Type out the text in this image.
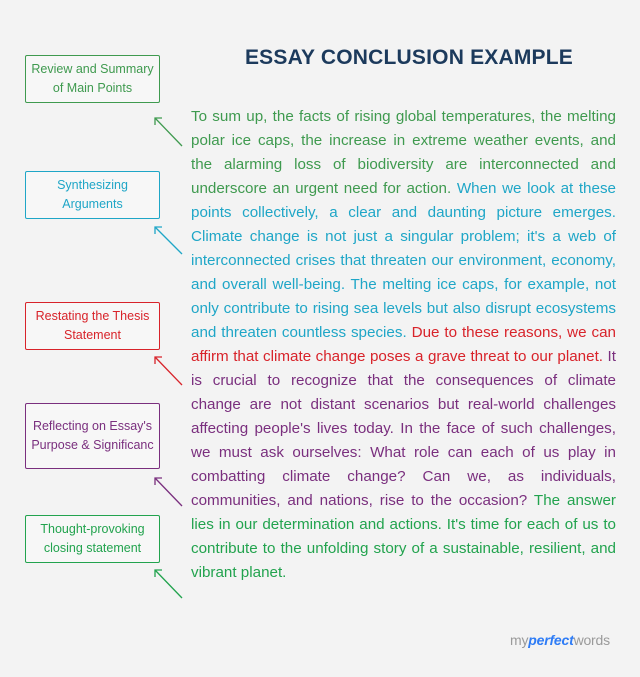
ESSAY CONCLUSION EXAMPLE
Review and Summary of Main Points
Synthesizing Arguments
Restating the Thesis Statement
Reflecting on Essay's Purpose & Significanc
Thought-provoking closing statement

To sum up, the facts of rising global temperatures, the melting polar ice caps, the increase in extreme weather events, and the alarming loss of biodiversity are interconnected and underscore an urgent need for action. When we look at these points collectively, a clear and daunting picture emerges. Climate change is not just a singular problem; it's a web of interconnected crises that threaten our environment, economy, and overall well-being. The melting ice caps, for example, not only contribute to rising sea levels but also disrupt ecosystems and threaten countless species. Due to these reasons, we can affirm that climate change poses a grave threat to our planet. It is crucial to recognize that the consequences of climate change are not distant scenarios but real-world challenges affecting people's lives today. In the face of such challenges, we must ask ourselves: What role can each of us play in combatting climate change? Can we, as individuals, communities, and nations, rise to the occasion? The answer lies in our determination and actions. It's time for each of us to contribute to the unfolding story of a sustainable, resilient, and vibrant planet.

myperfectwords
